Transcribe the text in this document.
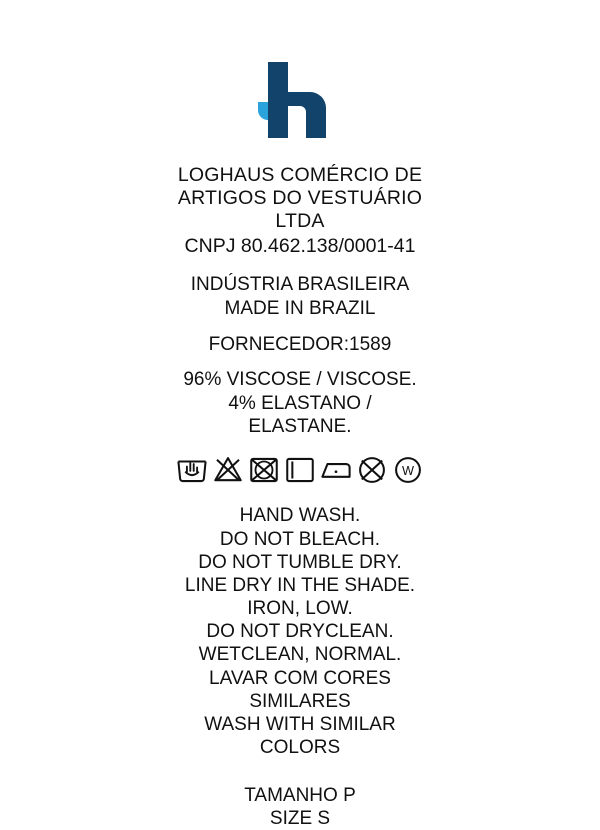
LOGHAUS COMÉRCIO DE
ARTIGOS DO VESTUÁRIO
LTDA
CNPJ 80.462.138/0001-41
INDÚSTRIA BRASILEIRA
MADE IN BRAZIL
FORNECEDOR:1589
96% VISCOSE / VISCOSE.
4% ELASTANO /
ELASTANE.
W
HAND WASH.
DO NOT BLEACH.
DO NOT TUMBLE DRY.
LINE DRY IN THE SHADE.
IRON, LOW.
DO NOT DRYCLEAN.
WETCLEAN, NORMAL.
LAVAR COM CORES
SIMILARES
WASH WITH SIMILAR
COLORS
TAMANHO P
SIZE S
